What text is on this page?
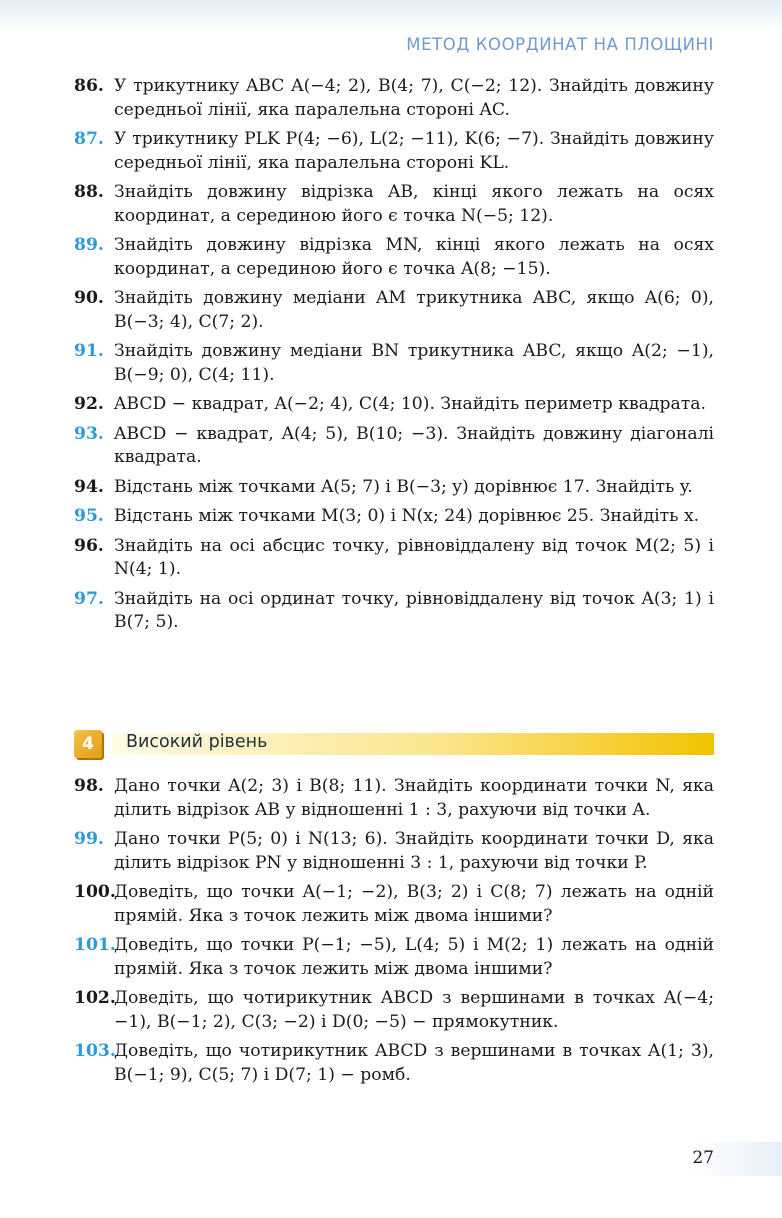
МЕТОД КООРДИНАТ НА ПЛОЩИНІ
86. У трикутнику ABC A(−4; 2), B(4; 7), C(−2; 12). Знайдіть довжину середньої лінії, яка паралельна стороні AC.
87. У трикутнику PLK P(4; −6), L(2; −11), K(6; −7). Знайдіть довжину середньої лінії, яка паралельна стороні KL.
88. Знайдіть довжину відрізка AB, кінці якого лежать на осях координат, а серединою його є точка N(−5; 12).
89. Знайдіть довжину відрізка MN, кінці якого лежать на осях координат, а серединою його є точка A(8; −15).
90. Знайдіть довжину медіани AM трикутника ABC, якщо A(6; 0), B(−3; 4), C(7; 2).
91. Знайдіть довжину медіани BN трикутника ABC, якщо A(2; −1), B(−9; 0), C(4; 11).
92. ABCD − квадрат, A(−2; 4), C(4; 10). Знайдіть периметр квадрата.
93. ABCD − квадрат, A(4; 5), B(10; −3). Знайдіть довжину діагоналі квадрата.
94. Відстань між точками A(5; 7) і B(−3; y) дорівнює 17. Знайдіть y.
95. Відстань між точками M(3; 0) і N(x; 24) дорівнює 25. Знайдіть x.
96. Знайдіть на осі абсцис точку, рівновіддалену від точок M(2; 5) і N(4; 1).
97. Знайдіть на осі ординат точку, рівновіддалену від точок A(3; 1) і B(7; 5).
4	Високий рівень
98. Дано точки A(2; 3) і B(8; 11). Знайдіть координати точки N, яка ділить відрізок AB у відношенні 1 : 3, рахуючи від точки A.
99. Дано точки P(5; 0) і N(13; 6). Знайдіть координати точки D, яка ділить відрізок PN у відношенні 3 : 1, рахуючи від точки P.
100.
Доведіть, що точки A(−1; −2), B(3; 2) і C(8; 7) лежать на одній прямій. Яка з точок лежить між двома іншими?
101.
Доведіть, що точки P(−1; −5), L(4; 5) і M(2; 1) лежать на одній прямій. Яка з точок лежить між двома іншими?
102.
Доведіть, що чотирикутник ABCD з вершинами в точках A(−4; −1), B(−1; 2), C(3; −2) і D(0; −5) − прямокутник.
103.
Доведіть, що чотирикутник ABCD з вершинами в точках A(1; 3), B(−1; 9), C(5; 7) і D(7; 1) − ромб.
27
